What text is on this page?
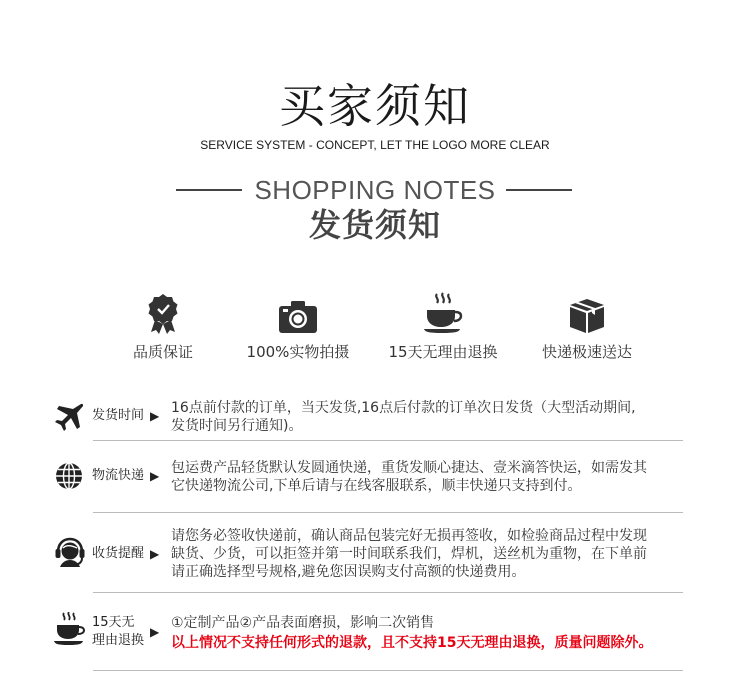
买家须知
SERVICE SYSTEM - CONCEPT, LET THE LOGO MORE CLEAR
SHOPPING NOTES
发货须知
品质保证	100%实物拍摄	15天无理由退换	快递极速送达
发货时间 ▶ 16点前付款的订单，当天发货,16点后付款的订单次日发货（大型活动期间,

发货时间另行通知)。

物流快递 ▶ 包运费产品轻货默认发圆通快递，重货发顺心捷达、壹米滴答快运，如需发其

它快递物流公司,下单后请与在线客服联系，顺丰快递只支持到付。

收货提醒 ▶

请您务必签收快递前，确认商品包装完好无损再签收，如检验商品过程中发现

缺货、少货，可以拒签并第一时间联系我们，焊机，送丝机为重物，在下单前

请正确选择型号规格,避免您因误购支付高额的快递费用。

15天无
理由退换
▶

①定制产品②产品表面磨损，影响二次销售

以上情况不支持任何形式的退款，且不支持15天无理由退换，质量问题除外。
